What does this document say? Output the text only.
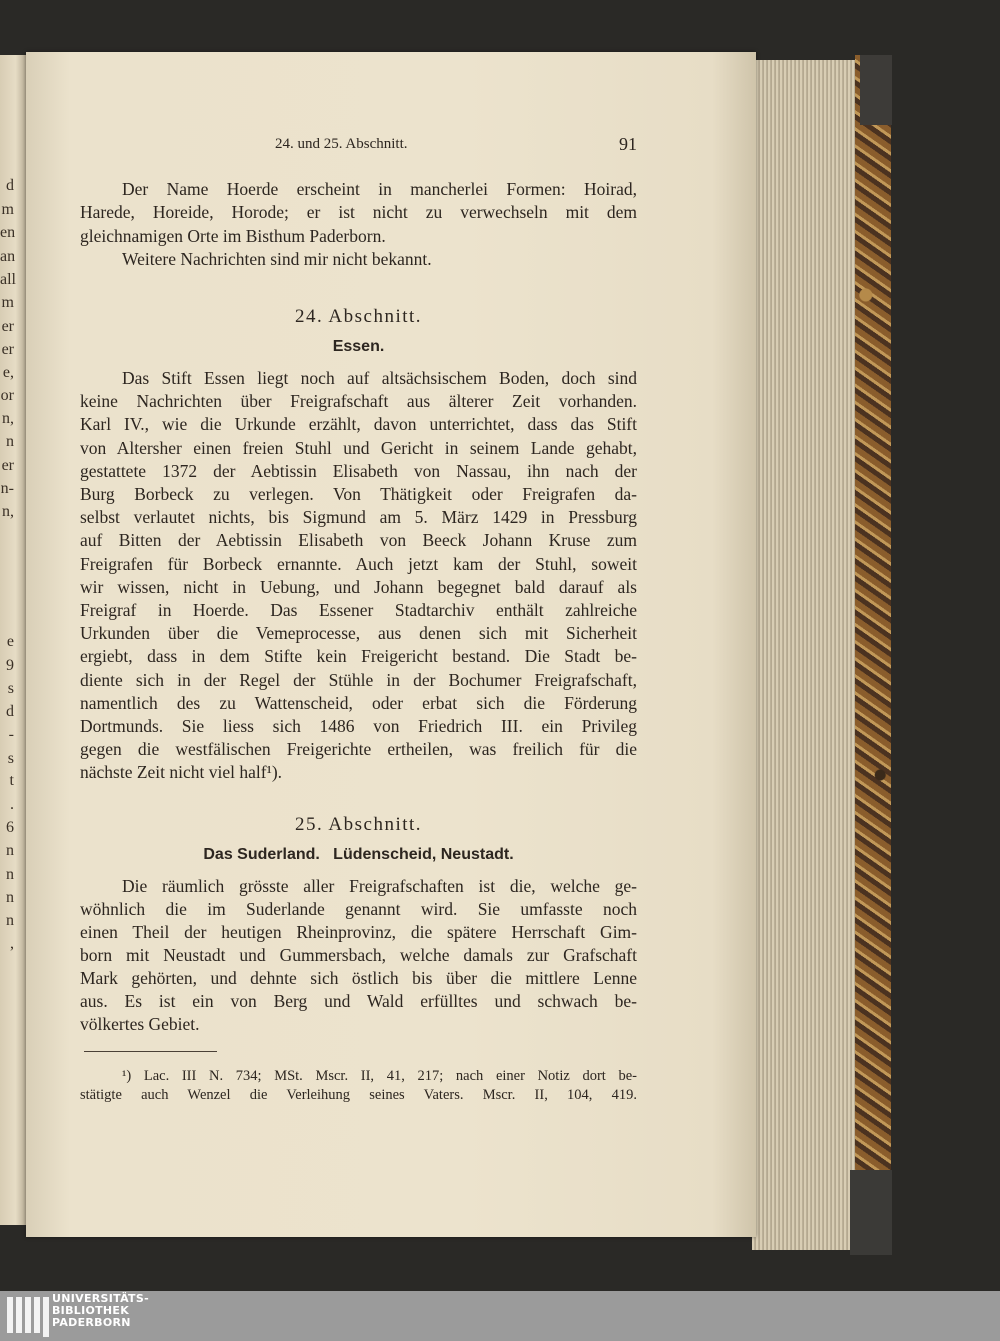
d
m
en
an
all
m
er
er
e,
or
n,
n
er
n-
n,
e
9
s
d
-
s
t
.
6
n
n
n
n
,
24. und 25. Abschnitt.	91
Der Name Hoerde erscheint in mancherlei Formen: Hoirad,
Harede, Horeide, Horode; er ist nicht zu verwechseln mit dem
gleichnamigen Orte im Bisthum Paderborn.
Weitere Nachrichten sind mir nicht bekannt.
24. Abschnitt.
Essen.
Das Stift Essen liegt noch auf altsächsischem Boden, doch sind
keine Nachrichten über Freigrafschaft aus älterer Zeit vorhanden.
Karl IV., wie die Urkunde erzählt, davon unterrichtet, dass das Stift
von Altersher einen freien Stuhl und Gericht in seinem Lande gehabt,
gestattete 1372 der Aebtissin Elisabeth von Nassau, ihn nach der
Burg Borbeck zu verlegen. Von Thätigkeit oder Freigrafen da-
selbst verlautet nichts, bis Sigmund am 5. März 1429 in Pressburg
auf Bitten der Aebtissin Elisabeth von Beeck Johann Kruse zum
Freigrafen für Borbeck ernannte. Auch jetzt kam der Stuhl, soweit
wir wissen, nicht in Uebung, und Johann begegnet bald darauf als
Freigraf in Hoerde. Das Essener Stadtarchiv enthält zahlreiche
Urkunden über die Vemeprocesse, aus denen sich mit Sicherheit
ergiebt, dass in dem Stifte kein Freigericht bestand. Die Stadt be-
diente sich in der Regel der Stühle in der Bochumer Freigrafschaft,
namentlich des zu Wattenscheid, oder erbat sich die Förderung
Dortmunds. Sie liess sich 1486 von Friedrich III. ein Privileg
gegen die westfälischen Freigerichte ertheilen, was freilich für die
nächste Zeit nicht viel half¹).
25. Abschnitt.
Das Suderland.   Lüdenscheid, Neustadt.
Die räumlich grösste aller Freigrafschaften ist die, welche ge-
wöhnlich die im Suderlande genannt wird. Sie umfasste noch
einen Theil der heutigen Rheinprovinz, die spätere Herrschaft Gim-
born mit Neustadt und Gummersbach, welche damals zur Grafschaft
Mark gehörten, und dehnte sich östlich bis über die mittlere Lenne
aus. Es ist ein von Berg und Wald erfülltes und schwach be-
völkertes Gebiet.
¹) Lac. III N. 734; MSt. Mscr. II, 41, 217; nach einer Notiz dort be-
stätigte auch Wenzel die Verleihung seines Vaters. Mscr. II, 104, 419.
UNIVERSITÄTS-
BIBLIOTHEK
PADERBORN
